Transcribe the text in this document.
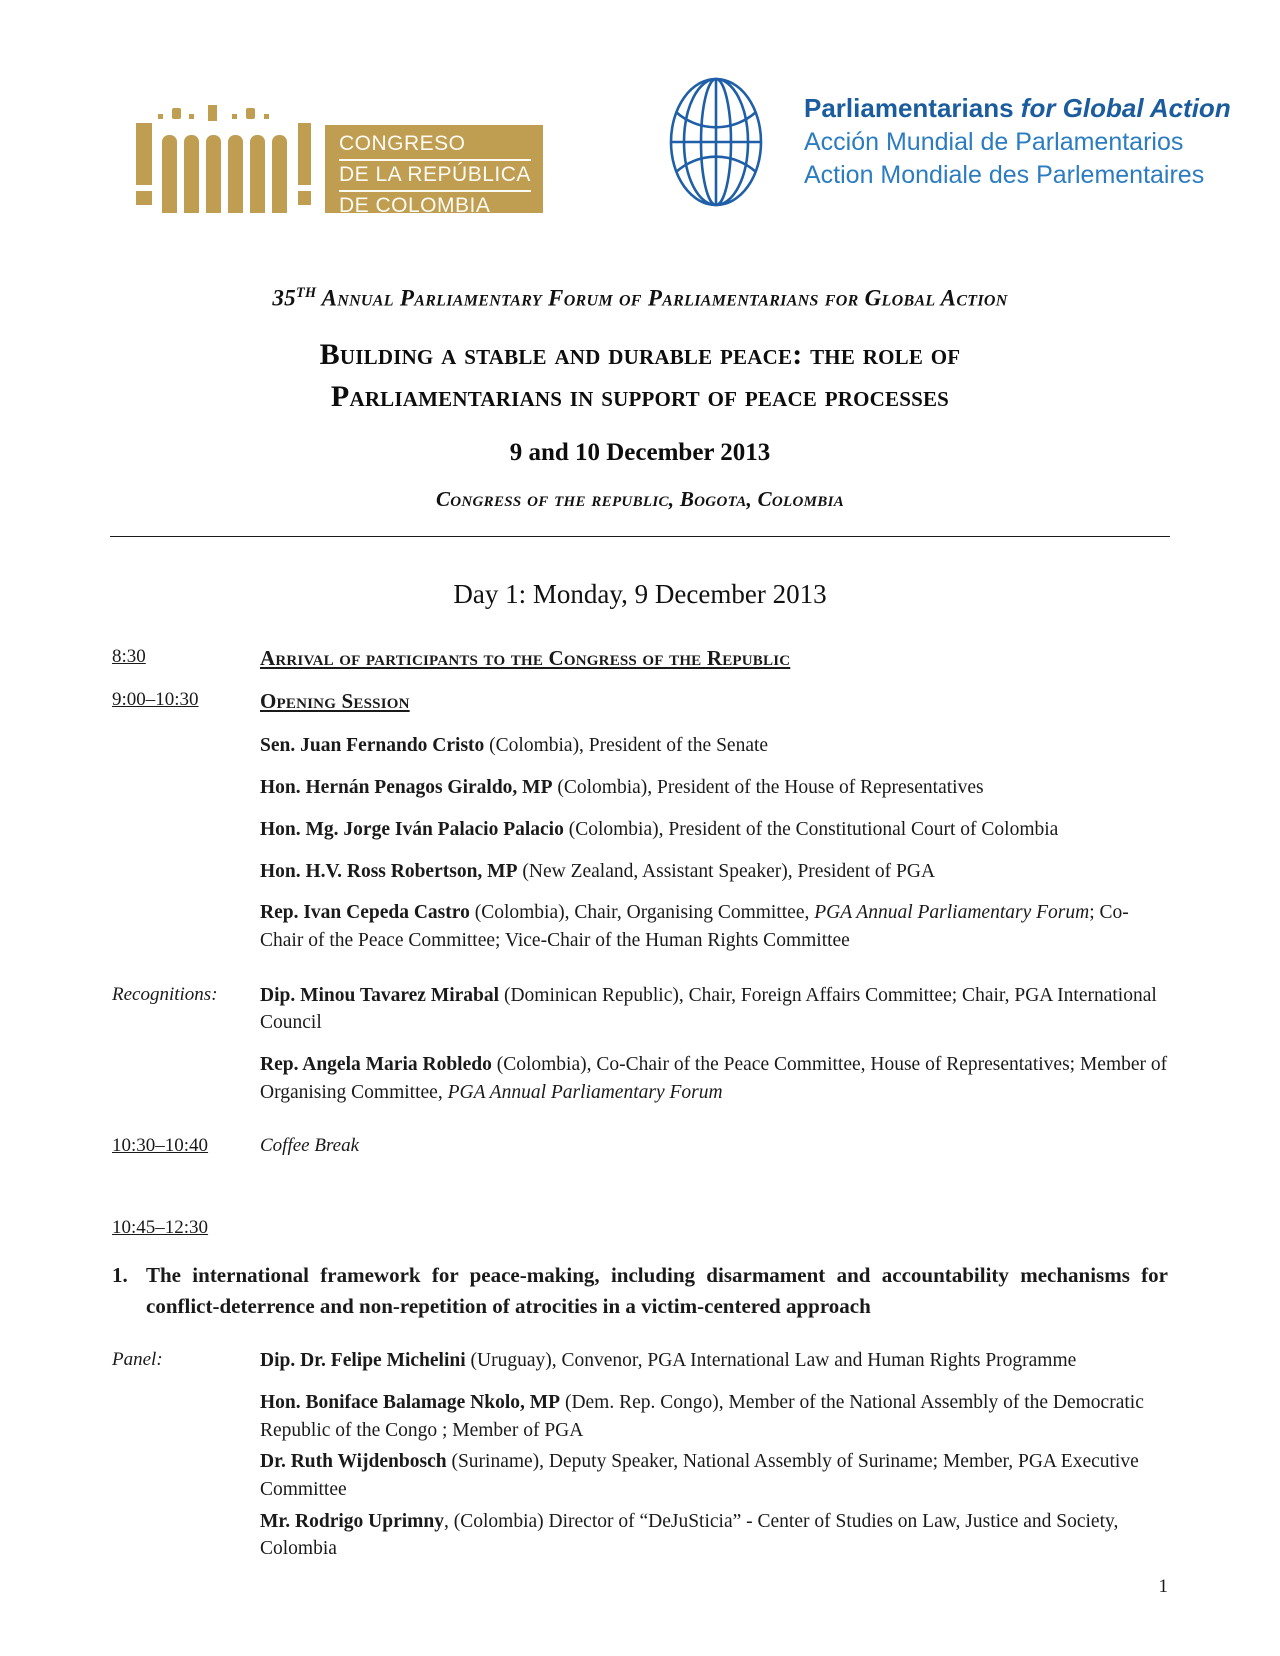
CONGRESO
DE LA REPÚBLICA
DE COLOMBIA
Parliamentarians for Global Action
Acción Mundial de Parlamentarios
Action Mondiale des Parlementaires
35TH Annual Parliamentary Forum of Parliamentarians for Global Action
Building a stable and durable peace: the role of
Parliamentarians in support of peace processes
9 and 10 December 2013
Congress of the republic, Bogota, Colombia
Day 1: Monday, 9 December 2013
8:30	Arrival of participants to the Congress of the Republic
9:00–10:30	Opening Session
Sen. Juan Fernando Cristo (Colombia), President of the Senate
Hon. Hernán Penagos Giraldo, MP (Colombia), President of the House of Representatives
Hon. Mg. Jorge Iván Palacio Palacio (Colombia), President of the Constitutional Court of Colombia
Hon. H.V. Ross Robertson, MP (New Zealand, Assistant Speaker), President of PGA
Rep. Ivan Cepeda Castro (Colombia), Chair, Organising Committee, PGA Annual Parliamentary Forum; Co-Chair of the Peace Committee; Vice-Chair of the Human Rights Committee
Recognitions:	Dip. Minou Tavarez Mirabal (Dominican Republic), Chair, Foreign Affairs Committee; Chair, PGA International Council
Rep. Angela Maria Robledo (Colombia), Co-Chair of the Peace Committee, House of Representatives; Member of Organising Committee, PGA Annual Parliamentary Forum
10:30–10:40	Coffee Break
10:45–12:30
1. The international framework for peace-making, including disarmament and accountability mechanisms for conflict-deterrence and non-repetition of atrocities in a victim-centered approach
Panel:	Dip. Dr. Felipe Michelini (Uruguay), Convenor, PGA International Law and Human Rights Programme
Hon. Boniface Balamage Nkolo, MP (Dem. Rep. Congo), Member of the National Assembly of the Democratic Republic of the Congo ; Member of PGA
Dr. Ruth Wijdenbosch (Suriname), Deputy Speaker, National Assembly of Suriname; Member, PGA Executive Committee
Mr. Rodrigo Uprimny, (Colombia) Director of “DeJuSticia” - Center of Studies on Law, Justice and Society, Colombia
1
